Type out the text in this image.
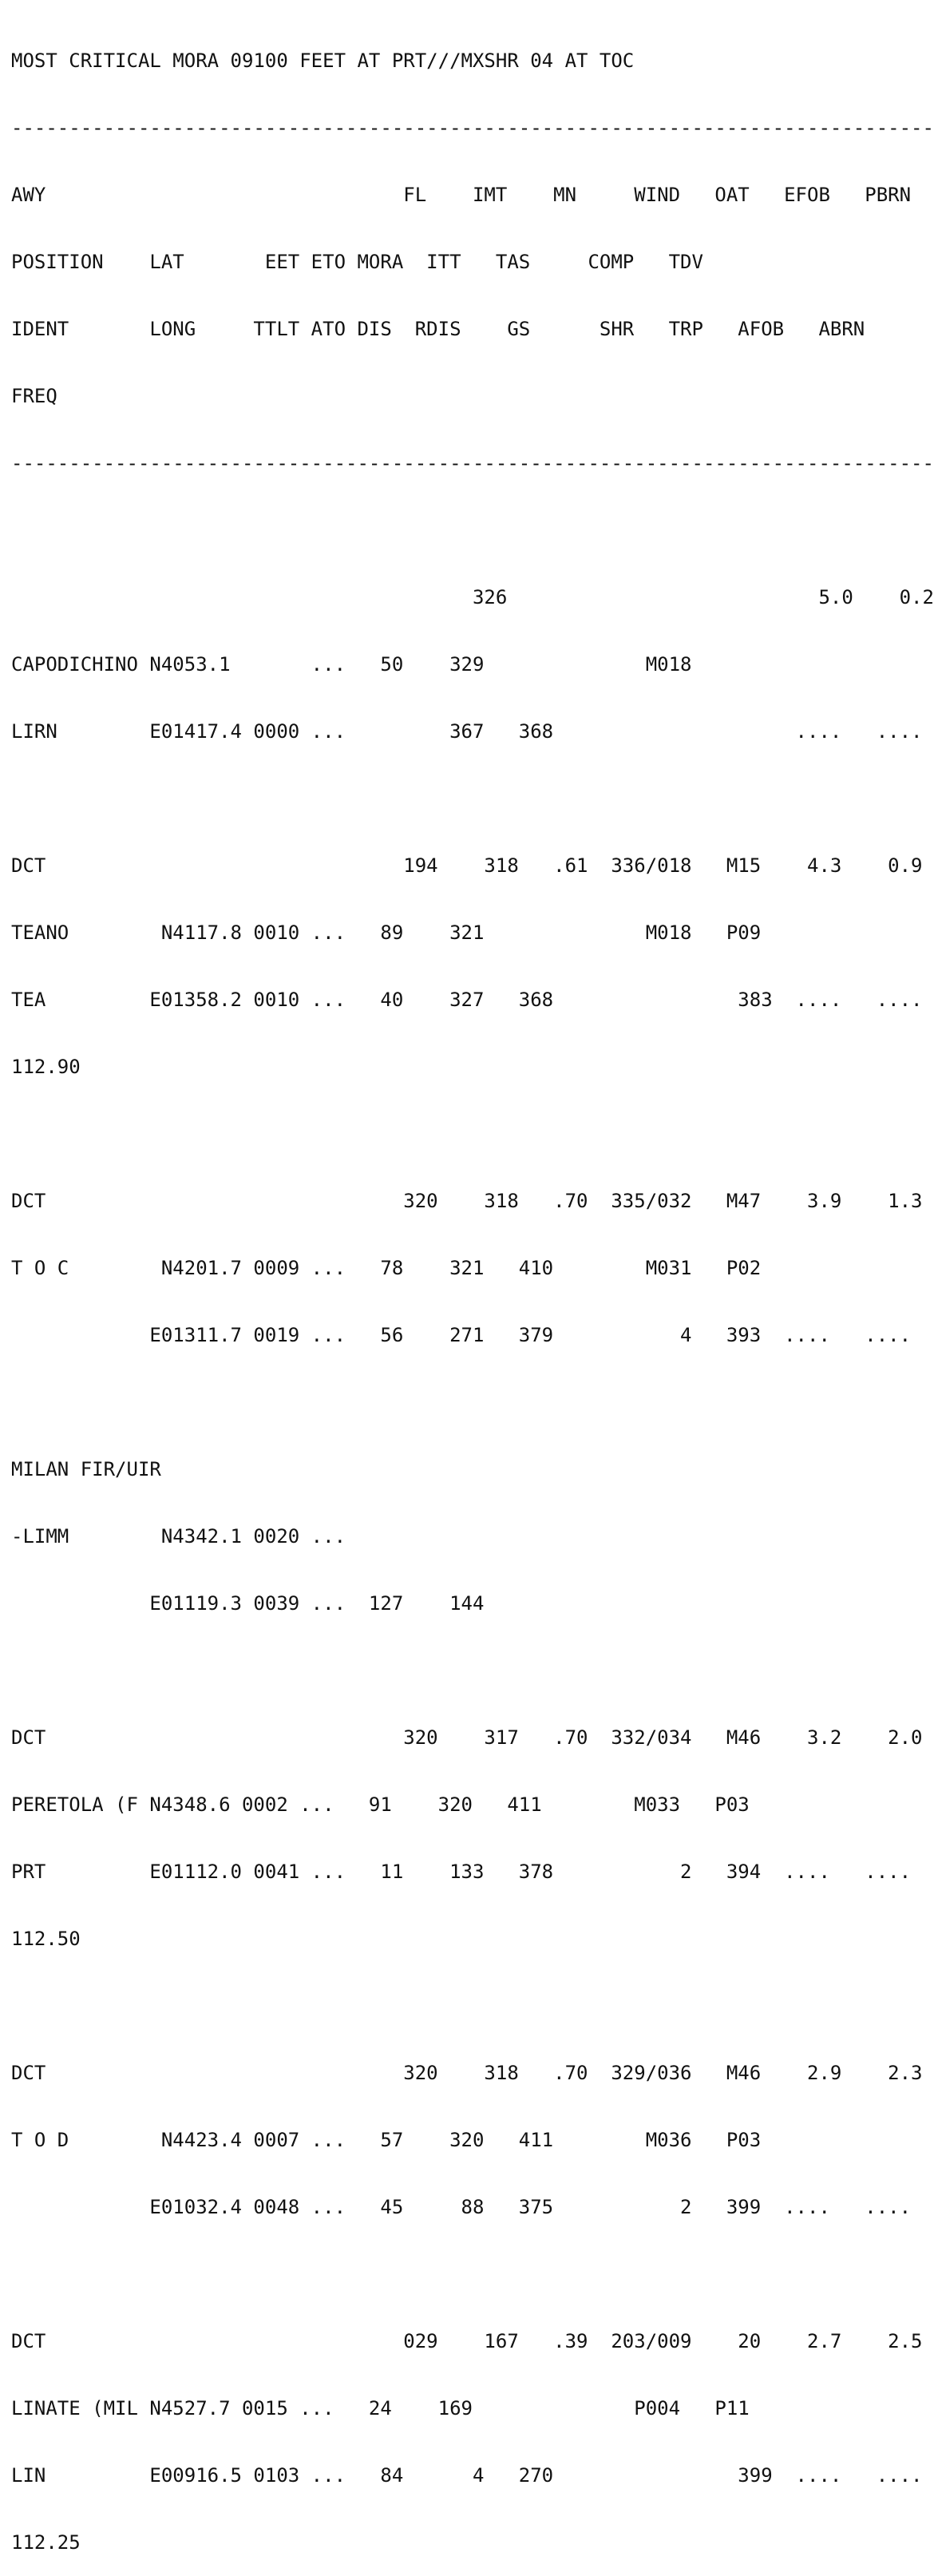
MOST CRITICAL MORA 09100 FEET AT PRT///MXSHR 04 AT TOC

--------------------------------------------------------------------------------

AWY                               FL    IMT    MN     WIND   OAT   EFOB   PBRN

POSITION    LAT       EET ETO MORA  ITT   TAS     COMP   TDV

IDENT       LONG     TTLT ATO DIS  RDIS    GS      SHR   TRP   AFOB   ABRN

FREQ

--------------------------------------------------------------------------------

326                           5.0    0.2

CAPODICHINO N4053.1       ...   50    329              M018

LIRN        E01417.4 0000 ...         367   368                     ....   ....

DCT                               194    318   .61  336/018   M15    4.3    0.9

TEANO        N4117.8 0010 ...   89    321              M018   P09

TEA         E01358.2 0010 ...   40    327   368                383  ....   ....

112.90

DCT                               320    318   .70  335/032   M47    3.9    1.3

T O C        N4201.7 0009 ...   78    321   410        M031   P02

E01311.7 0019 ...   56    271   379           4   393  ....   ....

MILAN FIR/UIR

-LIMM        N4342.1 0020 ...

E01119.3 0039 ...  127    144

DCT                               320    317   .70  332/034   M46    3.2    2.0

PERETOLA (F N4348.6 0002 ...   91    320   411        M033   P03

PRT         E01112.0 0041 ...   11    133   378           2   394  ....   ....

112.50

DCT                               320    318   .70  329/036   M46    2.9    2.3

T O D        N4423.4 0007 ...   57    320   411        M036   P03

E01032.4 0048 ...   45     88   375           2   399  ....   ....

DCT                               029    167   .39  203/009    20    2.7    2.5

LINATE (MIL N4527.7 0015 ...   24    169              P004   P11

LIN         E00916.5 0103 ...   84      4   270                399  ....   ....

112.25
